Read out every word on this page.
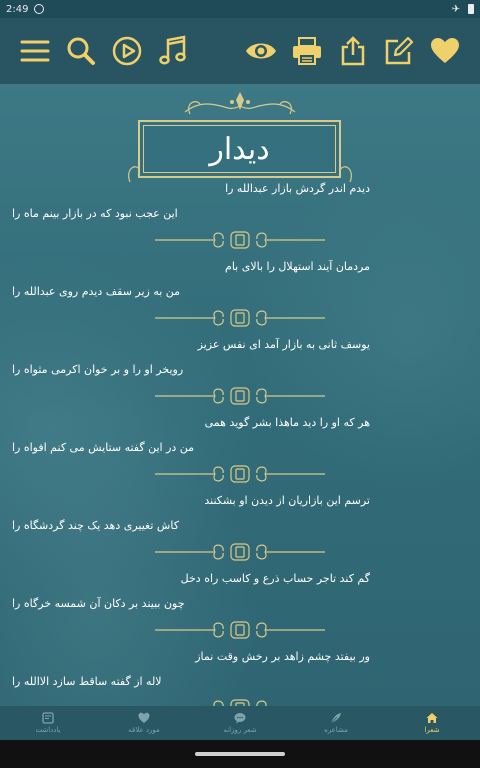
2:49	✈
دیدار
دیدم اندر گردش بازار عبدالله را
این عجب نبود که در بازار بینم ماه را
مردمان آیند استهلال را بالای بام
من به زیر سقف دیدم روی عبدالله را
یوسف ثانی به بازار آمد ای نفس عزیز
رویخر او را و بر خوان اکرمی مثواه را
هر که او را دید ماهذا بشر گوید همی
من در این گفته ستایش می کنم افواه را
ترسم این بازاریان از دیدن او بشکنند
کاش تغییری دهد یک چند گردشگاه را
گم کند تاجر حساب ذرع و کاسب راه دخل
چون ببیند بر دکان آن شمسه خرگاه را
ور بیفتد چشم زاهد بر رخش وقت نماز
لاله از گفته ساقط سازد الاالله را
یادداشت	مورد علاقه	شعر روزانه	مشاعره	شعرا
